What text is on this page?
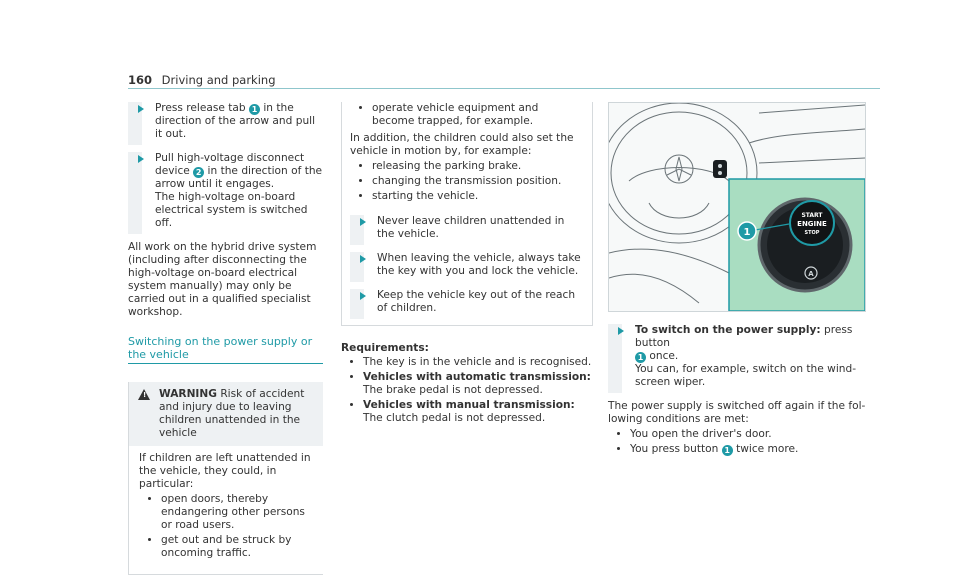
160 Driving and parking
Press release tab 1 in the direction of the arrow and pull it out.
Pull high-voltage disconnect device 2 in the direction of the arrow until it engages.

The high-voltage on-board electrical system is switched off.

All work on the hybrid drive system (including after disconnecting the high-voltage on-board electrical system manually) may only be carried out in a qualified specialist workshop.

Switching on the power supply or the vehicle
! WARNING Risk of accident and injury due to leaving children unattended in the vehicle

If children are left unattended in the vehicle, they could, in particular:

• open doors, thereby endangering other persons or road users.
• get out and be struck by oncoming traffic.
• operate vehicle equipment and become trapped, for example.

In addition, the children could also set the vehicle in motion by, for example:

• releasing the parking brake.
• changing the transmission position.
• starting the vehicle.
Never leave children unattended in the vehicle.
When leaving the vehicle, always take the key with you and lock the vehicle.
Keep the vehicle key out of the reach of children.
Requirements:
• The key is in the vehicle and is recognised.
• Vehicles with automatic transmission: The brake pedal is not depressed.
• Vehicles with manual transmission: The clutch pedal is not depressed.
START
ENGINE
STOP
A
1
To switch on the power supply: press button
1 once.

You can, for example, switch on the wind-screen wiper.

The power supply is switched off again if the fol-lowing conditions are met:

• You open the driver's door.
• You press button 1 twice more.
